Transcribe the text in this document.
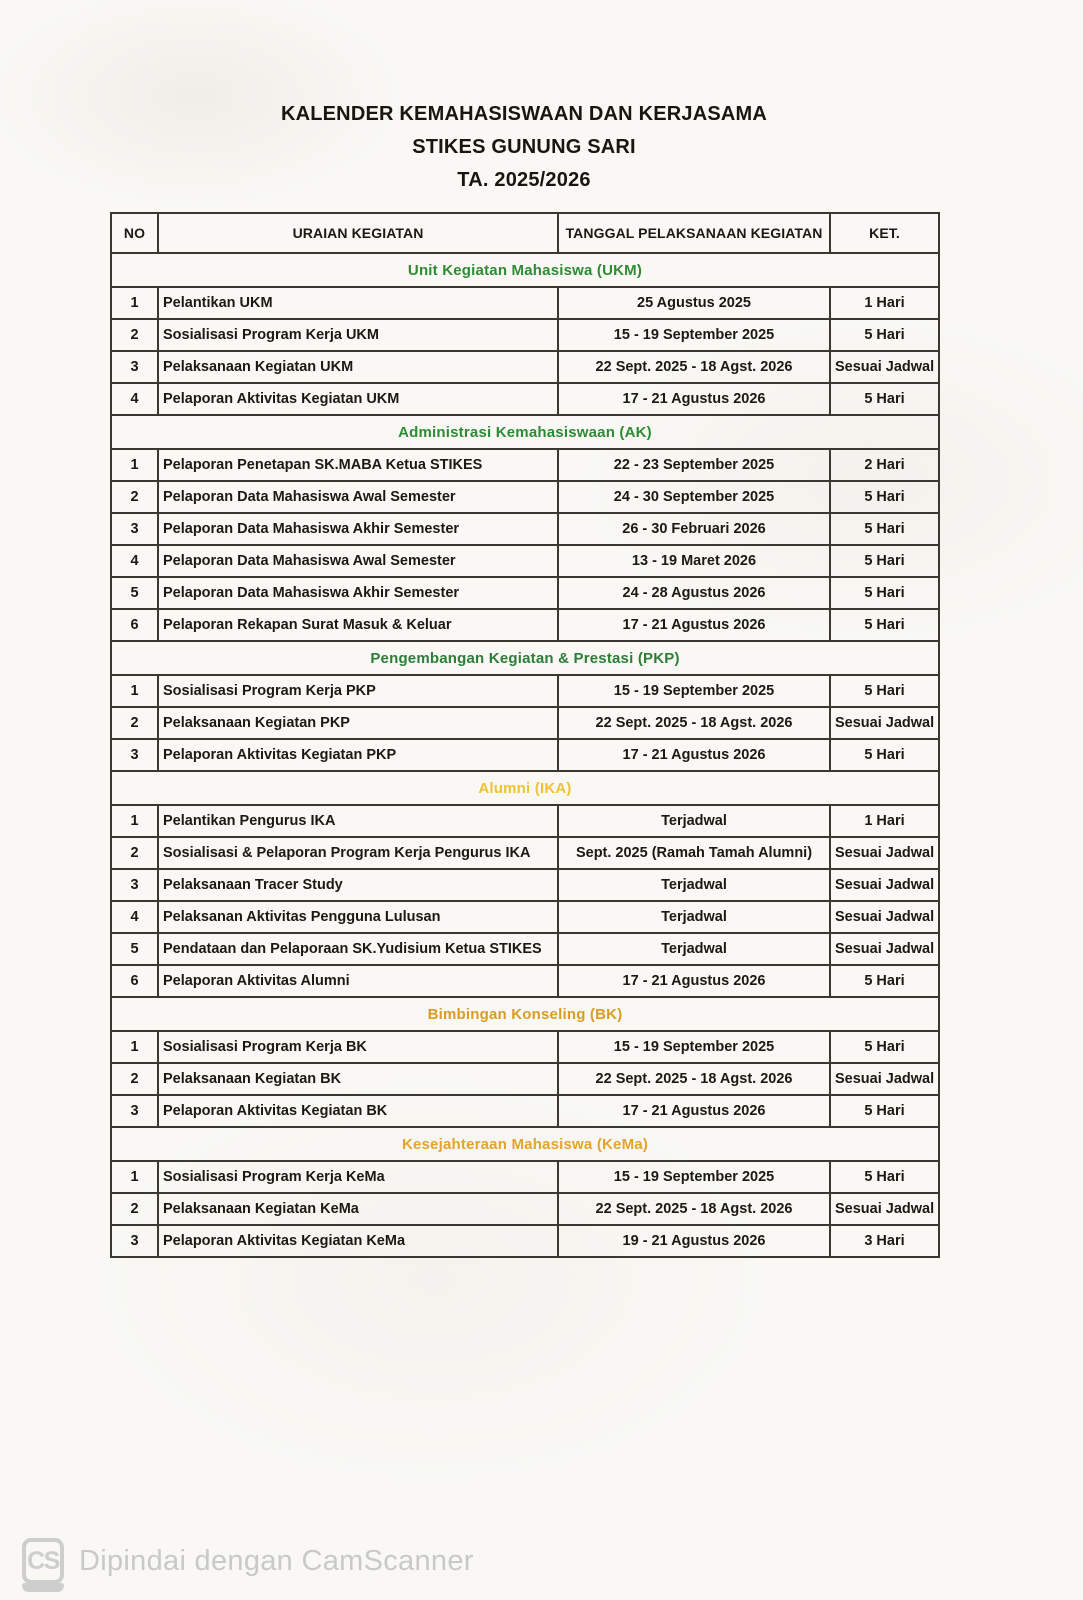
KALENDER KEMAHASISWAAN DAN KERJASAMA
STIKES GUNUNG SARI
TA. 2025/2026
NO	URAIAN KEGIATAN	TANGGAL PELAKSANAAN KEGIATAN	KET.
Unit Kegiatan Mahasiswa (UKM)			
1	Pelantikan UKM	25 Agustus 2025	1 Hari
2	Sosialisasi Program Kerja UKM	15 - 19 September 2025	5 Hari
3	Pelaksanaan Kegiatan UKM	22 Sept. 2025 - 18 Agst. 2026	Sesuai Jadwal
4	Pelaporan Aktivitas Kegiatan UKM	17 - 21 Agustus 2026	5 Hari
Administrasi Kemahasiswaan (AK)			
1	Pelaporan Penetapan SK.MABA Ketua STIKES	22 - 23 September 2025	2 Hari
2	Pelaporan Data Mahasiswa Awal Semester	24 - 30 September 2025	5 Hari
3	Pelaporan Data Mahasiswa Akhir Semester	26 - 30 Februari 2026	5 Hari
4	Pelaporan Data Mahasiswa Awal Semester	13 - 19 Maret 2026	5 Hari
5	Pelaporan Data Mahasiswa Akhir Semester	24 - 28 Agustus 2026	5 Hari
6	Pelaporan Rekapan Surat Masuk & Keluar	17 - 21 Agustus 2026	5 Hari
Pengembangan Kegiatan & Prestasi (PKP)			
1	Sosialisasi Program Kerja PKP	15 - 19 September 2025	5 Hari
2	Pelaksanaan Kegiatan PKP	22 Sept. 2025 - 18 Agst. 2026	Sesuai Jadwal
3	Pelaporan Aktivitas Kegiatan PKP	17 - 21 Agustus 2026	5 Hari
Alumni (IKA)			
1	Pelantikan Pengurus IKA	Terjadwal	1 Hari
2	Sosialisasi & Pelaporan Program Kerja Pengurus IKA	Sept. 2025 (Ramah Tamah Alumni)	Sesuai Jadwal
3	Pelaksanaan Tracer Study	Terjadwal	Sesuai Jadwal
4	Pelaksanan Aktivitas Pengguna Lulusan	Terjadwal	Sesuai Jadwal
5	Pendataan dan Pelaporaan SK.Yudisium Ketua STIKES	Terjadwal	Sesuai Jadwal
6	Pelaporan Aktivitas Alumni	17 - 21 Agustus 2026	5 Hari
Bimbingan Konseling (BK)			
1	Sosialisasi Program Kerja BK	15 - 19 September 2025	5 Hari
2	Pelaksanaan Kegiatan BK	22 Sept. 2025 - 18 Agst. 2026	Sesuai Jadwal
3	Pelaporan Aktivitas Kegiatan BK	17 - 21 Agustus 2026	5 Hari
Kesejahteraan Mahasiswa (KeMa)			
1	Sosialisasi Program Kerja KeMa	15 - 19 September 2025	5 Hari
2	Pelaksanaan Kegiatan KeMa	22 Sept. 2025 - 18 Agst. 2026	Sesuai Jadwal
3	Pelaporan Aktivitas Kegiatan KeMa	19 - 21 Agustus 2026	3 Hari
CS Dipindai dengan CamScanner
